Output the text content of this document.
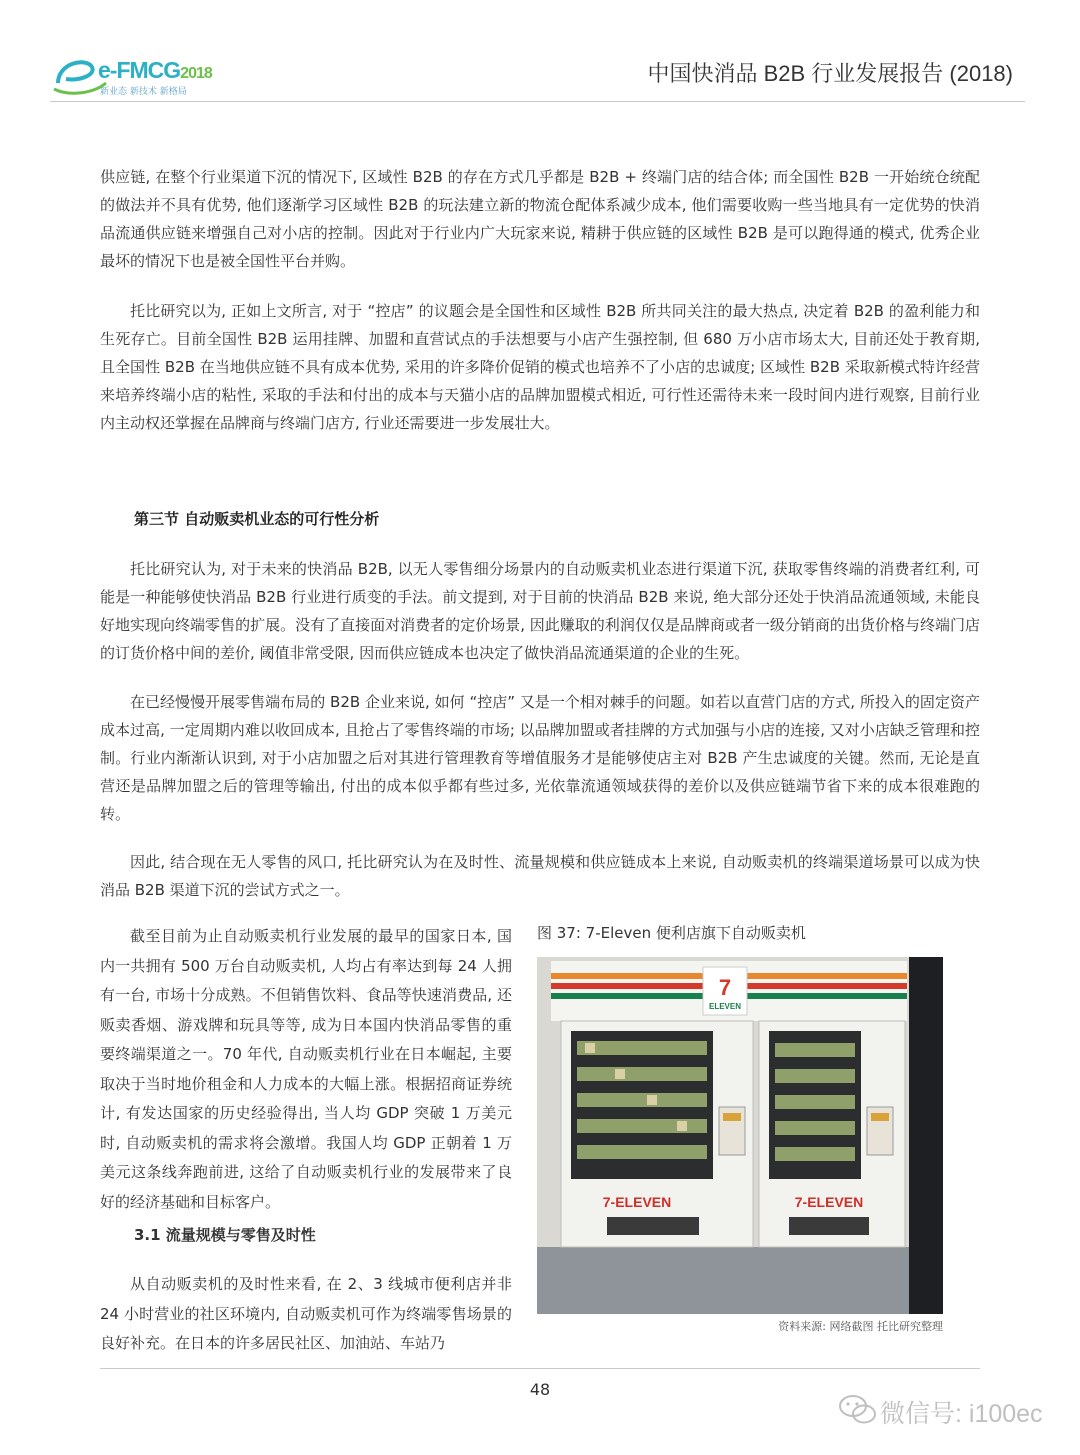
e-FMCG2018
新业态 新技术 新格局
中国快消品 B2B 行业发展报告 (2018)

供应链, 在整个行业渠道下沉的情况下, 区域性 B2B 的存在方式几乎都是 B2B + 终端门店的结合体; 而全国性 B2B 一开始统仓统配的做法并不具有优势, 他们逐渐学习区域性 B2B 的玩法建立新的物流仓配体系减少成本, 他们需要收购一些当地具有一定优势的快消品流通供应链来增强自己对小店的控制。因此对于行业内广大玩家来说, 精耕于供应链的区域性 B2B 是可以跑得通的模式, 优秀企业最坏的情况下也是被全国性平台并购。

托比研究以为, 正如上文所言, 对于 “控店” 的议题会是全国性和区域性 B2B 所共同关注的最大热点, 决定着 B2B 的盈利能力和生死存亡。目前全国性 B2B 运用挂牌、加盟和直营试点的手法想要与小店产生强控制, 但 680 万小店市场太大, 目前还处于教育期, 且全国性 B2B 在当地供应链不具有成本优势, 采用的许多降价促销的模式也培养不了小店的忠诚度; 区域性 B2B 采取新模式特许经营来培养终端小店的粘性, 采取的手法和付出的成本与天猫小店的品牌加盟模式相近, 可行性还需待未来一段时间内进行观察, 目前行业内主动权还掌握在品牌商与终端门店方, 行业还需要进一步发展壮大。

第三节 自动贩卖机业态的可行性分析

托比研究认为, 对于未来的快消品 B2B, 以无人零售细分场景内的自动贩卖机业态进行渠道下沉, 获取零售终端的消费者红利, 可能是一种能够使快消品 B2B 行业进行质变的手法。前文提到, 对于目前的快消品 B2B 来说, 绝大部分还处于快消品流通领域, 未能良好地实现向终端零售的扩展。没有了直接面对消费者的定价场景, 因此赚取的利润仅仅是品牌商或者一级分销商的出货价格与终端门店的订货价格中间的差价, 阈值非常受限, 因而供应链成本也决定了做快消品流通渠道的企业的生死。

在已经慢慢开展零售端布局的 B2B 企业来说, 如何 “控店” 又是一个相对棘手的问题。如若以直营门店的方式, 所投入的固定资产成本过高, 一定周期内难以收回成本, 且抢占了零售终端的市场; 以品牌加盟或者挂牌的方式加强与小店的连接, 又对小店缺乏管理和控制。行业内渐渐认识到, 对于小店加盟之后对其进行管理教育等增值服务才是能够使店主对 B2B 产生忠诚度的关键。然而, 无论是直营还是品牌加盟之后的管理等输出, 付出的成本似乎都有些过多, 光依靠流通领域获得的差价以及供应链端节省下来的成本很难跑的转。

因此, 结合现在无人零售的风口, 托比研究认为在及时性、流量规模和供应链成本上来说, 自动贩卖机的终端渠道场景可以成为快消品 B2B 渠道下沉的尝试方式之一。

截至目前为止自动贩卖机行业发展的最早的国家日本, 国内一共拥有 500 万台自动贩卖机, 人均占有率达到每 24 人拥有一台, 市场十分成熟。不但销售饮料、食品等快速消费品, 还贩卖香烟、游戏牌和玩具等等, 成为日本国内快消品零售的重要终端渠道之一。70 年代, 自动贩卖机行业在日本崛起, 主要取决于当时地价租金和人力成本的大幅上涨。根据招商证券统计, 有发达国家的历史经验得出, 当人均 GDP 突破 1 万美元时, 自动贩卖机的需求将会激增。我国人均 GDP 正朝着 1 万美元这条线奔跑前进, 这给了自动贩卖机行业的发展带来了良好的经济基础和目标客户。

3.1 流量规模与零售及时性

从自动贩卖机的及时性来看, 在 2、3 线城市便利店并非 24 小时营业的社区环境内, 自动贩卖机可作为终端零售场景的良好补充。在日本的许多居民社区、加油站、车站乃

图 37: 7-Eleven 便利店旗下自动贩卖机

7
ELEVEN
7-ELEVEN	7-ELEVEN

资料来源: 网络截图 托比研究整理

48
微信号: i100ec
